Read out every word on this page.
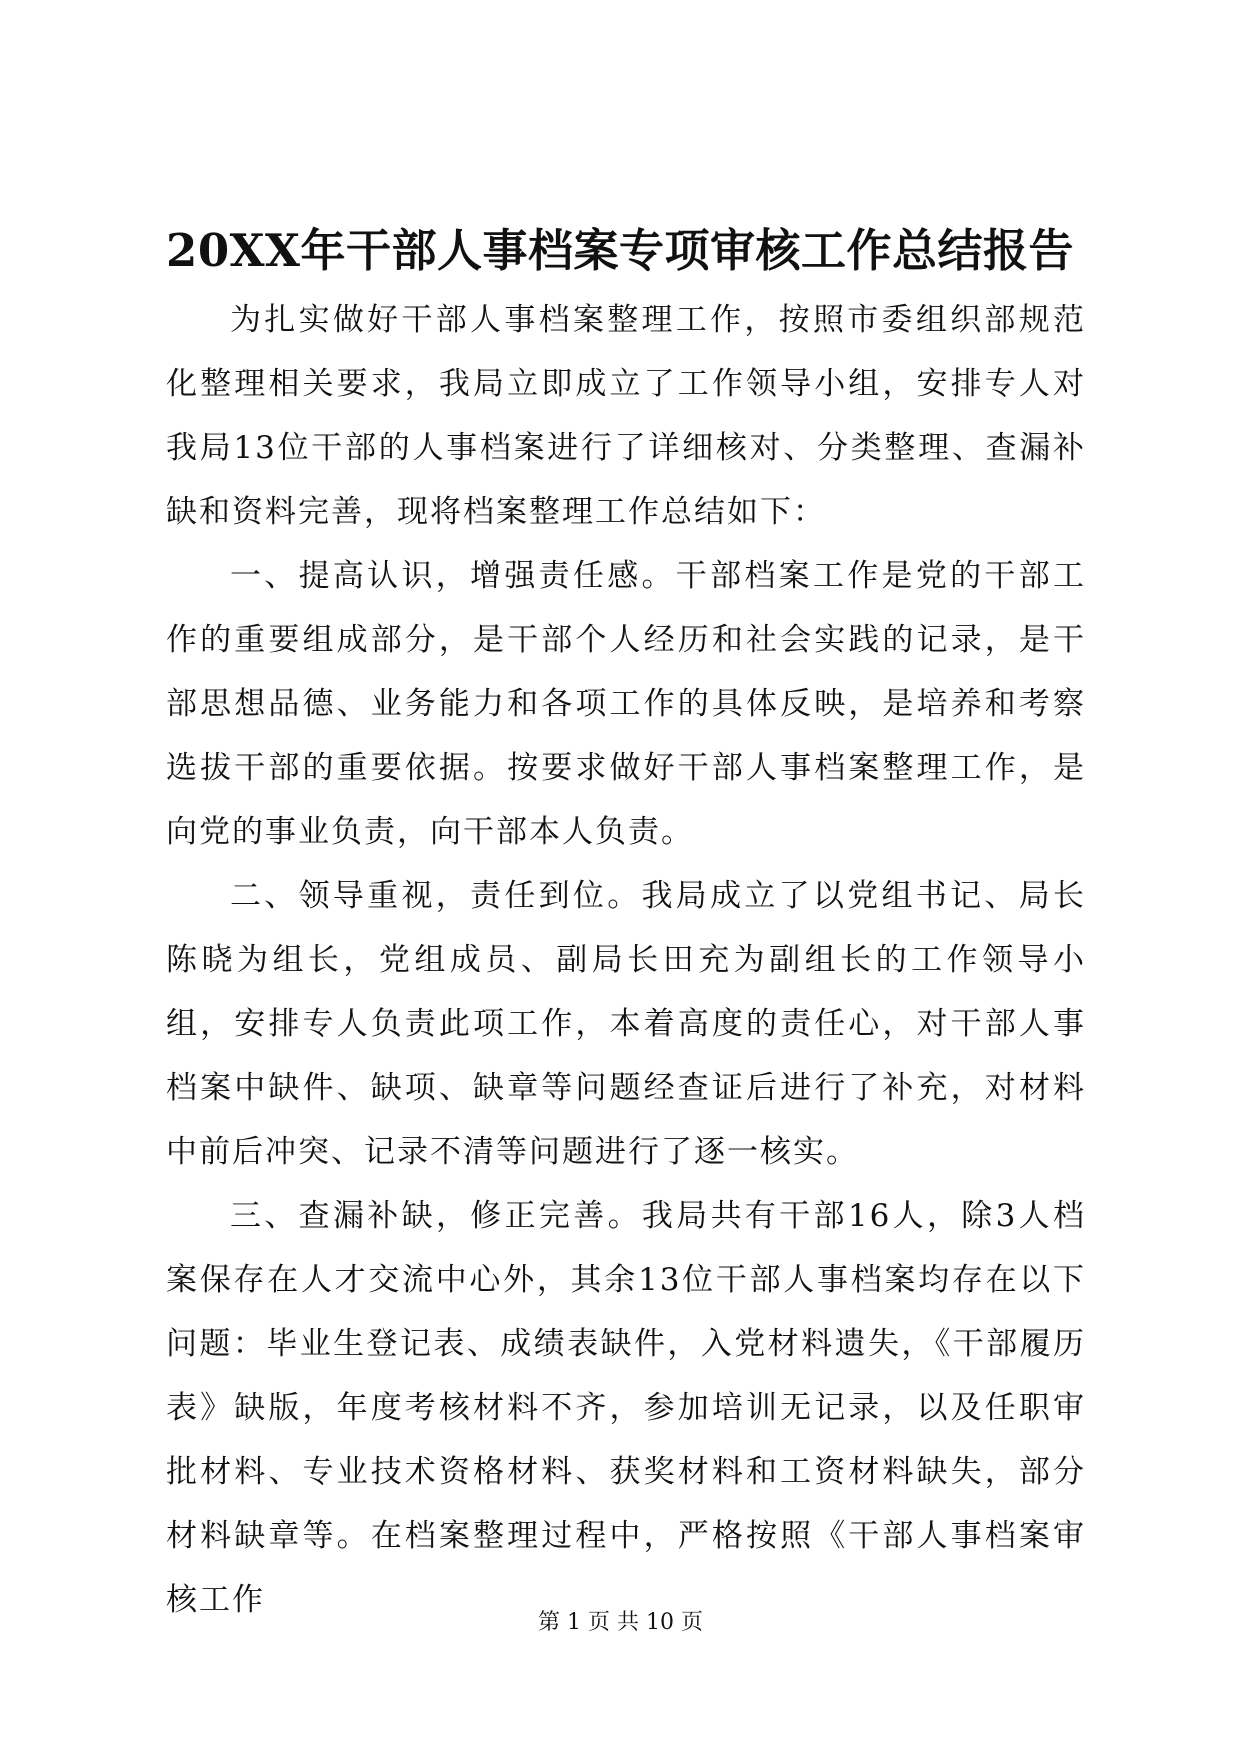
20XX年干部人事档案专项审核工作总结报告

为扎实做好干部人事档案整理工作，按照市委组织部规范化整理相关要求，我局立即成立了工作领导小组，安排专人对我局13位干部的人事档案进行了详细核对、分类整理、查漏补缺和资料完善，现将档案整理工作总结如下：

一、提高认识，增强责任感。干部档案工作是党的干部工作的重要组成部分，是干部个人经历和社会实践的记录，是干部思想品德、业务能力和各项工作的具体反映，是培养和考察选拔干部的重要依据。按要求做好干部人事档案整理工作，是向党的事业负责，向干部本人负责。

二、领导重视，责任到位。我局成立了以党组书记、局长陈晓为组长，党组成员、副局长田充为副组长的工作领导小组，安排专人负责此项工作，本着高度的责任心，对干部人事档案中缺件、缺项、缺章等问题经查证后进行了补充，对材料中前后冲突、记录不清等问题进行了逐一核实。

三、查漏补缺，修正完善。我局共有干部16人，除3人档案保存在人才交流中心外，其余13位干部人事档案均存在以下问题：毕业生登记表、成绩表缺件，入党材料遗失，《干部履历表》缺版，年度考核材料不齐，参加培训无记录，以及任职审批材料、专业技术资格材料、获奖材料和工资材料缺失，部分材料缺章等。在档案整理过程中，严格按照《干部人事档案审核工作

第 1 页 共 10 页
